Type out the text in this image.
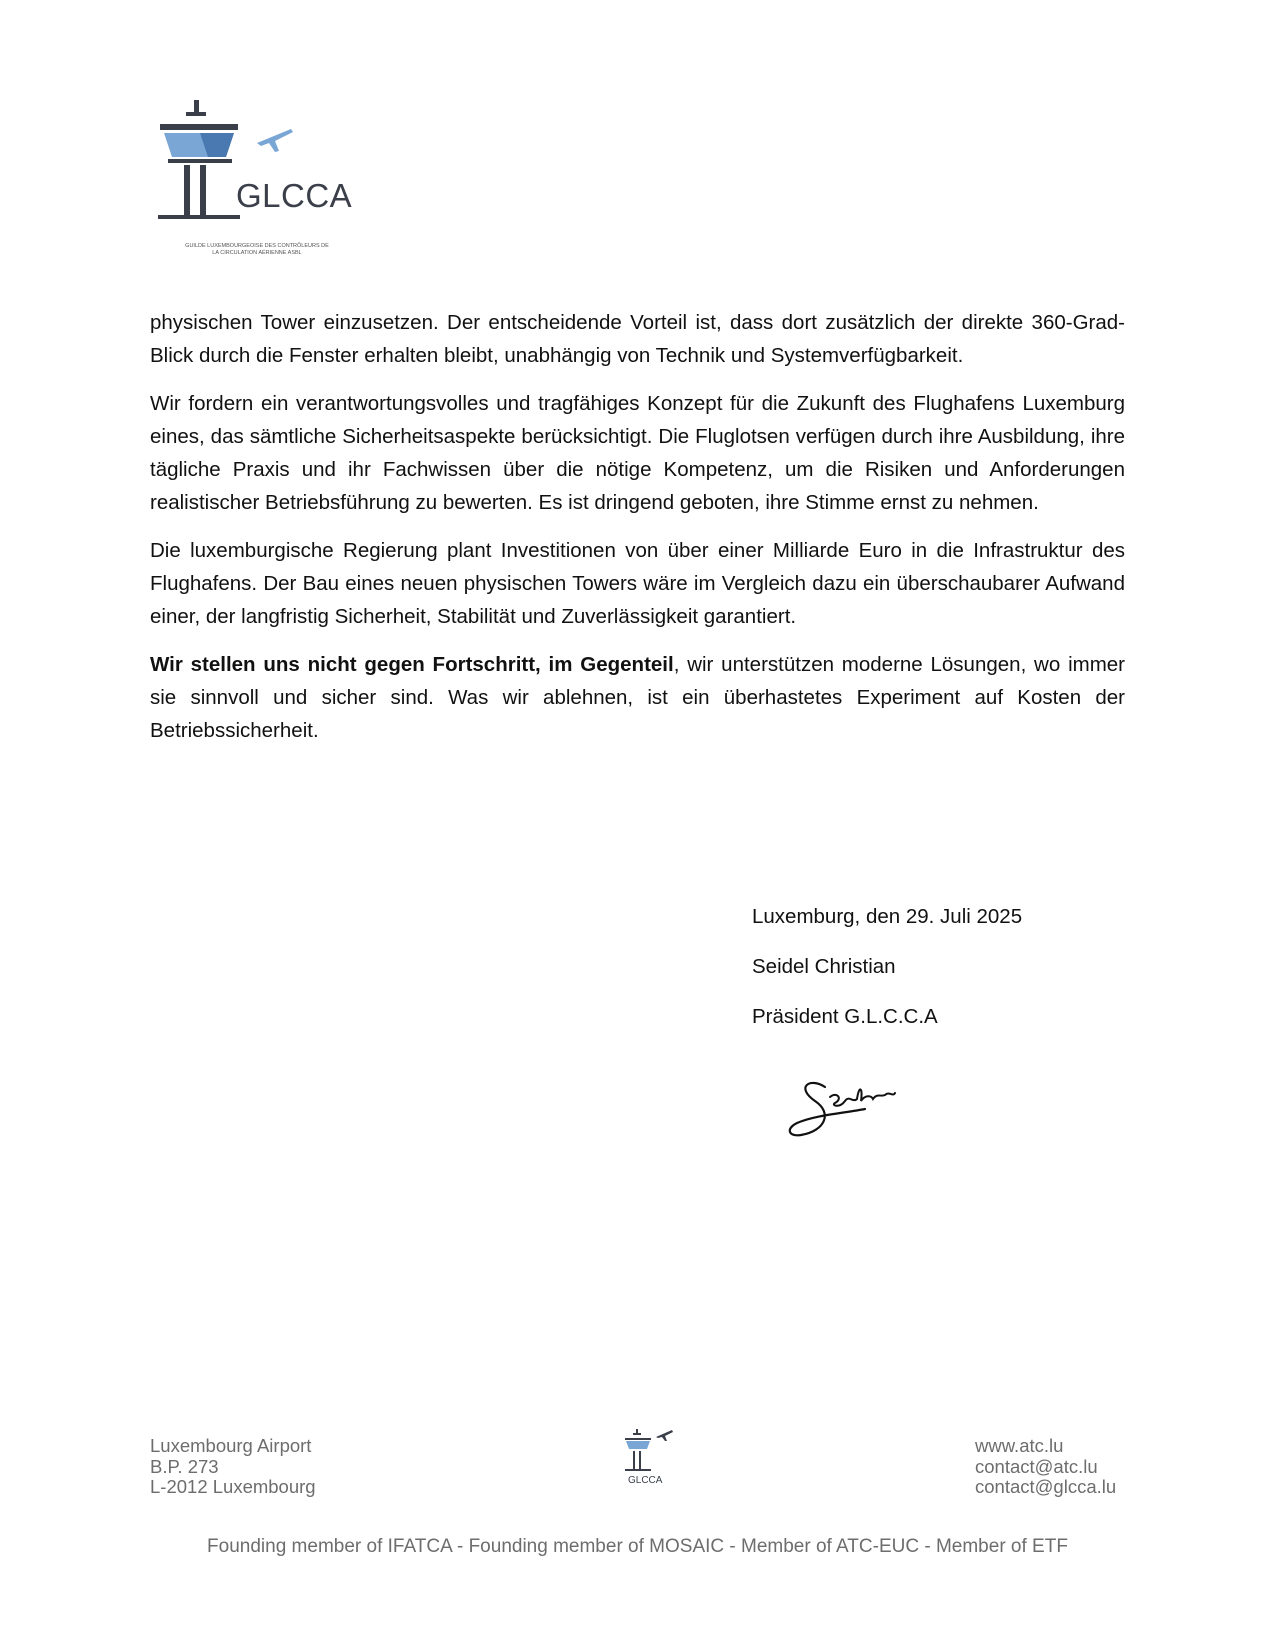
GLCCA
GUILDE LUXEMBOURGEOISE DES CONTRÔLEURS DE
LA CIRCULATION AÉRIENNE ASBL

physischen Tower einzusetzen. Der entscheidende Vorteil ist, dass dort zusätzlich der direkte 360-Grad-Blick durch die Fenster erhalten bleibt, unabhängig von Technik und Systemverfügbarkeit.

Wir fordern ein verantwortungsvolles und tragfähiges Konzept für die Zukunft des Flughafens Luxemburg eines, das sämtliche Sicherheitsaspekte berücksichtigt. Die Fluglotsen verfügen durch ihre Ausbildung, ihre tägliche Praxis und ihr Fachwissen über die nötige Kompetenz, um die Risiken und Anforderungen realistischer Betriebsführung zu bewerten. Es ist dringend geboten, ihre Stimme ernst zu nehmen.

Die luxemburgische Regierung plant Investitionen von über einer Milliarde Euro in die Infrastruktur des Flughafens. Der Bau eines neuen physischen Towers wäre im Vergleich dazu ein überschaubarer Aufwand einer, der langfristig Sicherheit, Stabilität und Zuverlässigkeit garantiert.

Wir stellen uns nicht gegen Fortschritt, im Gegenteil, wir unterstützen moderne Lösungen, wo immer sie sinnvoll und sicher sind. Was wir ablehnen, ist ein überhastetes Experiment auf Kosten der Betriebssicherheit.

Luxemburg, den 29. Juli 2025
Seidel Christian
Präsident G.L.C.C.A
Luxembourg Airport
B.P. 273
L-2012 Luxembourg	GLCCA
www.atc.lu
contact@atc.lu
contact@glcca.lu
Founding member of IFATCA - Founding member of MOSAIC - Member of ATC-EUC - Member of ETF
